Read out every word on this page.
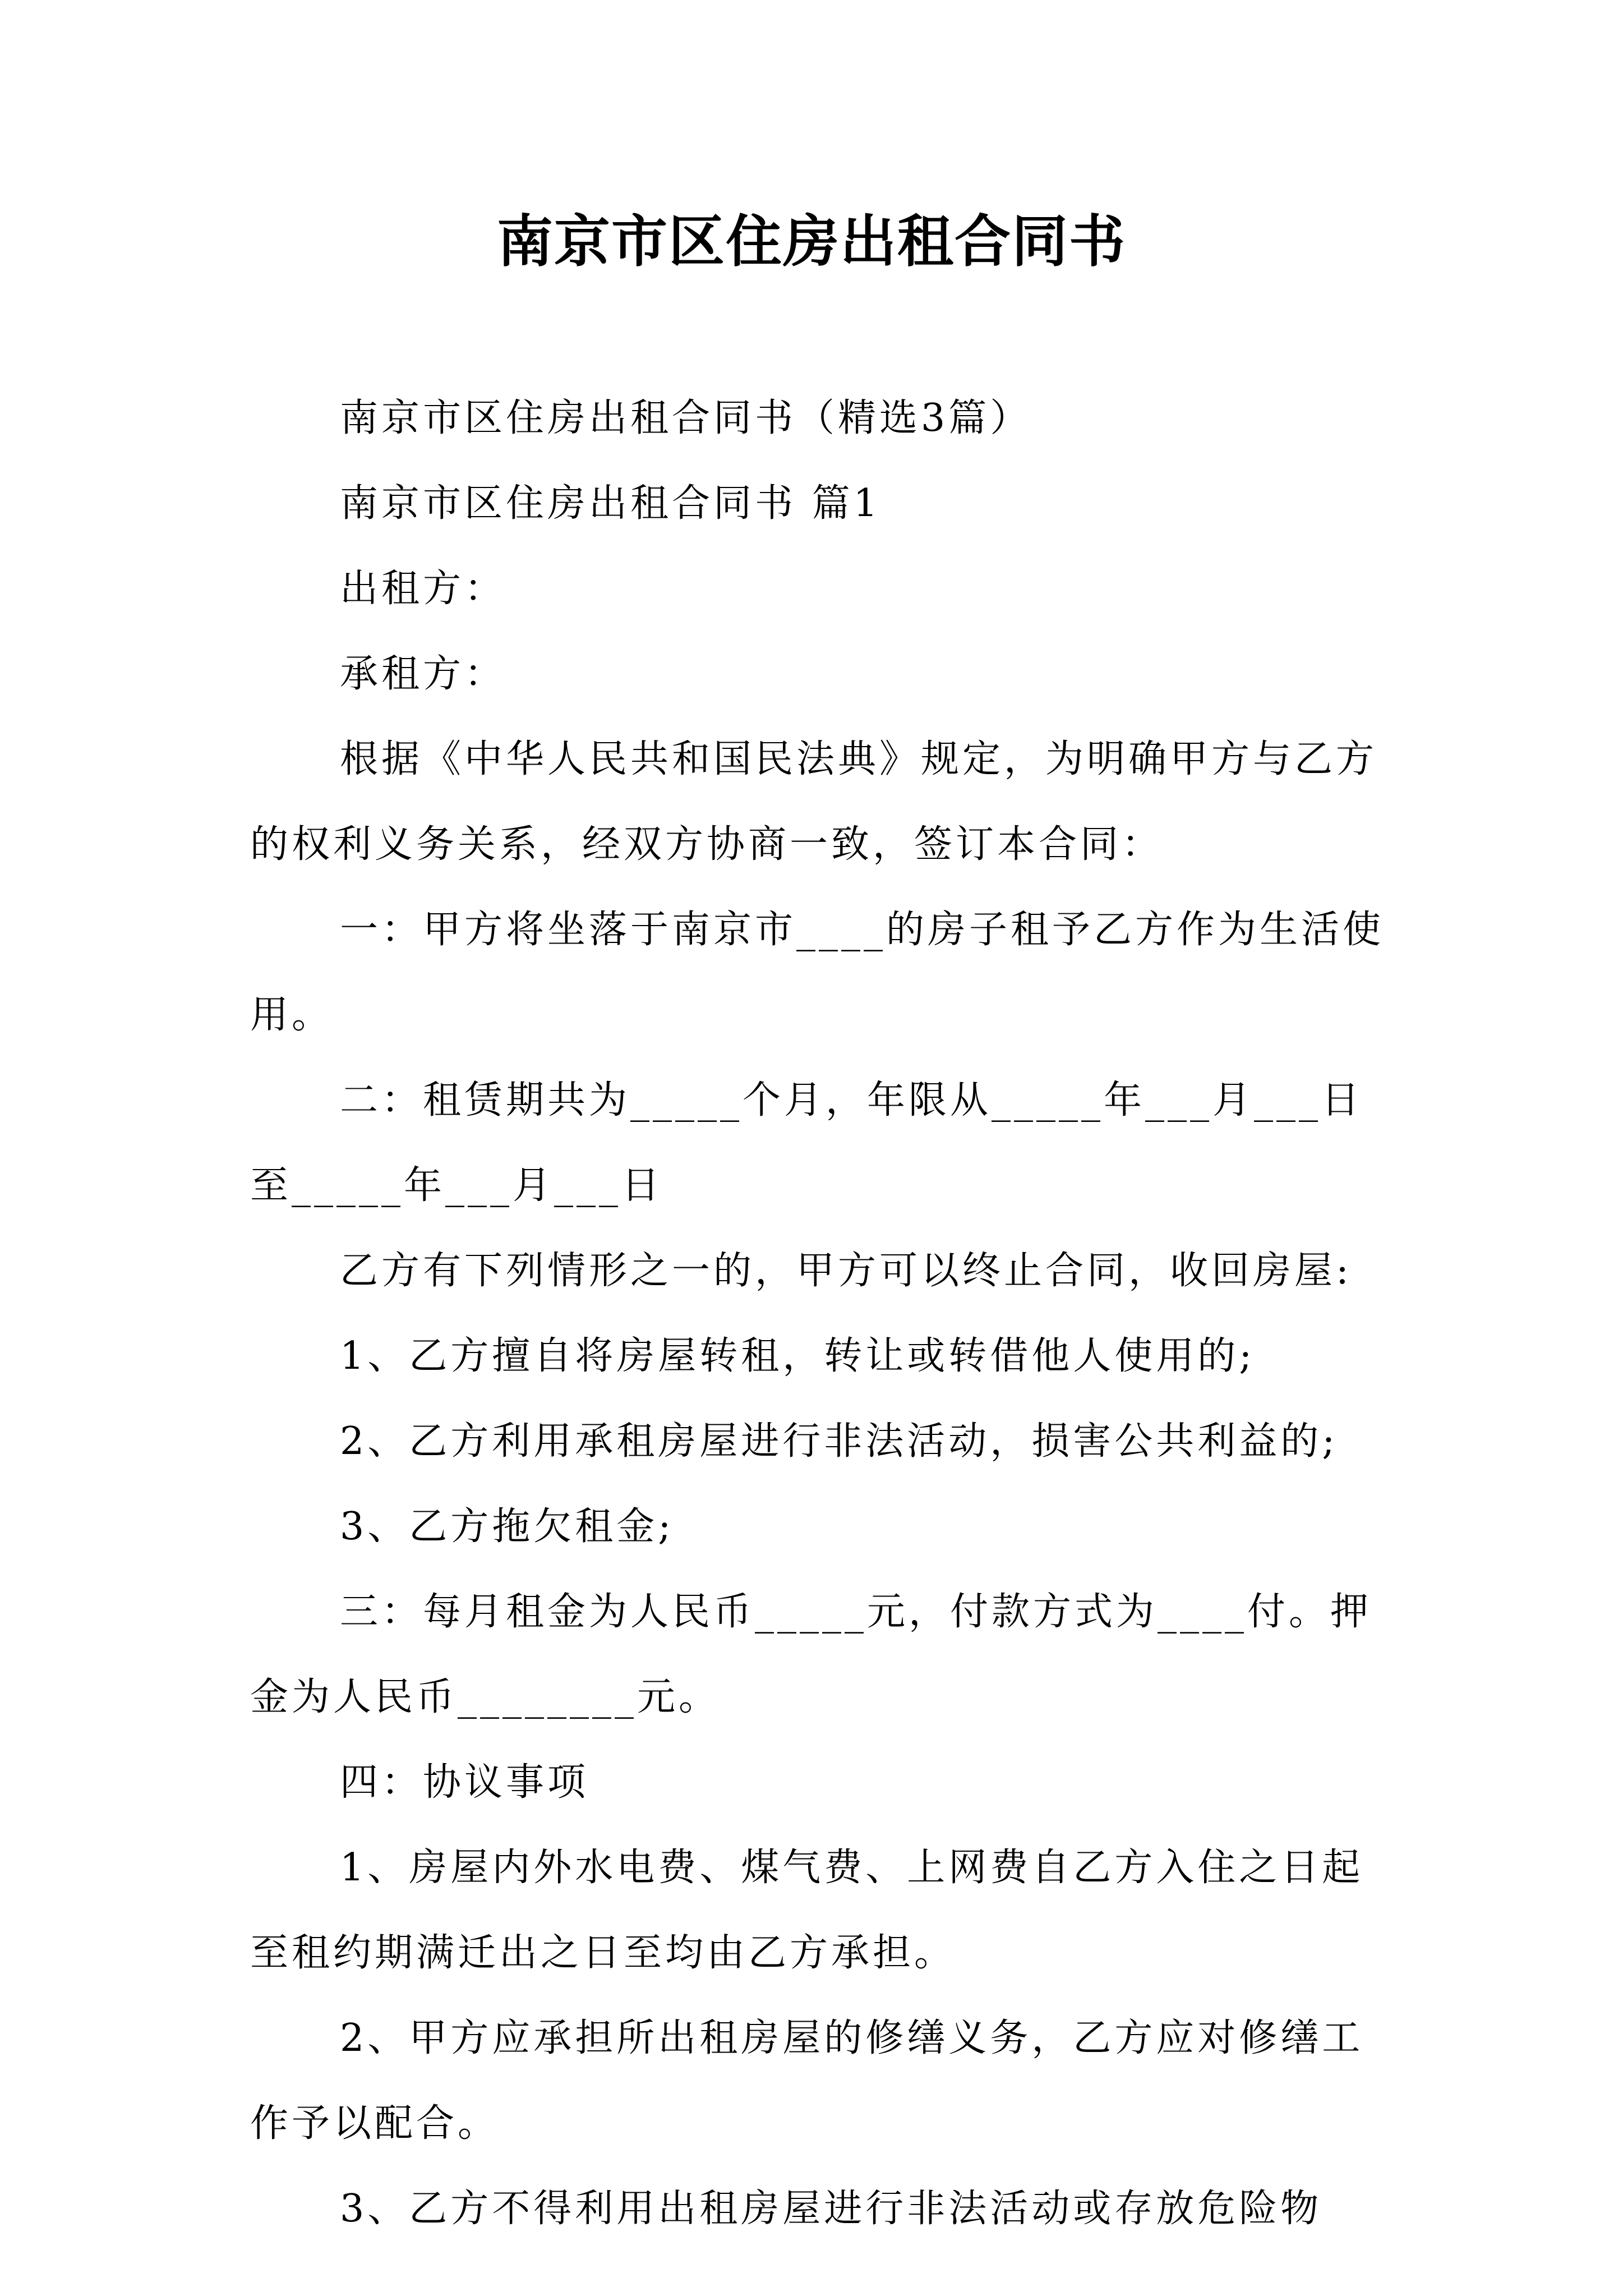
南京市区住房出租合同书

南京市区住房出租合同书（精选3篇）

南京市区住房出租合同书 篇1

出租方：

承租方：

根据《中华人民共和国民法典》规定，为明确甲方与乙方的权利义务关系，经双方协商一致，签订本合同：

一：甲方将坐落于南京市____的房子租予乙方作为生活使用。

二：租赁期共为_____个月，年限从_____年___月___日至_____年___月___日

乙方有下列情形之一的，甲方可以终止合同，收回房屋:

1、乙方擅自将房屋转租，转让或转借他人使用的;

2、乙方利用承租房屋进行非法活动，损害公共利益的;

3、乙方拖欠租金;

三：每月租金为人民币_____元，付款方式为____付。押金为人民币________元。

四：协议事项

1、房屋内外水电费、煤气费、上网费自乙方入住之日起至租约期满迁出之日至均由乙方承担。

2、甲方应承担所出租房屋的修缮义务，乙方应对修缮工作予以配合。

3、乙方不得利用出租房屋进行非法活动或存放危险物
